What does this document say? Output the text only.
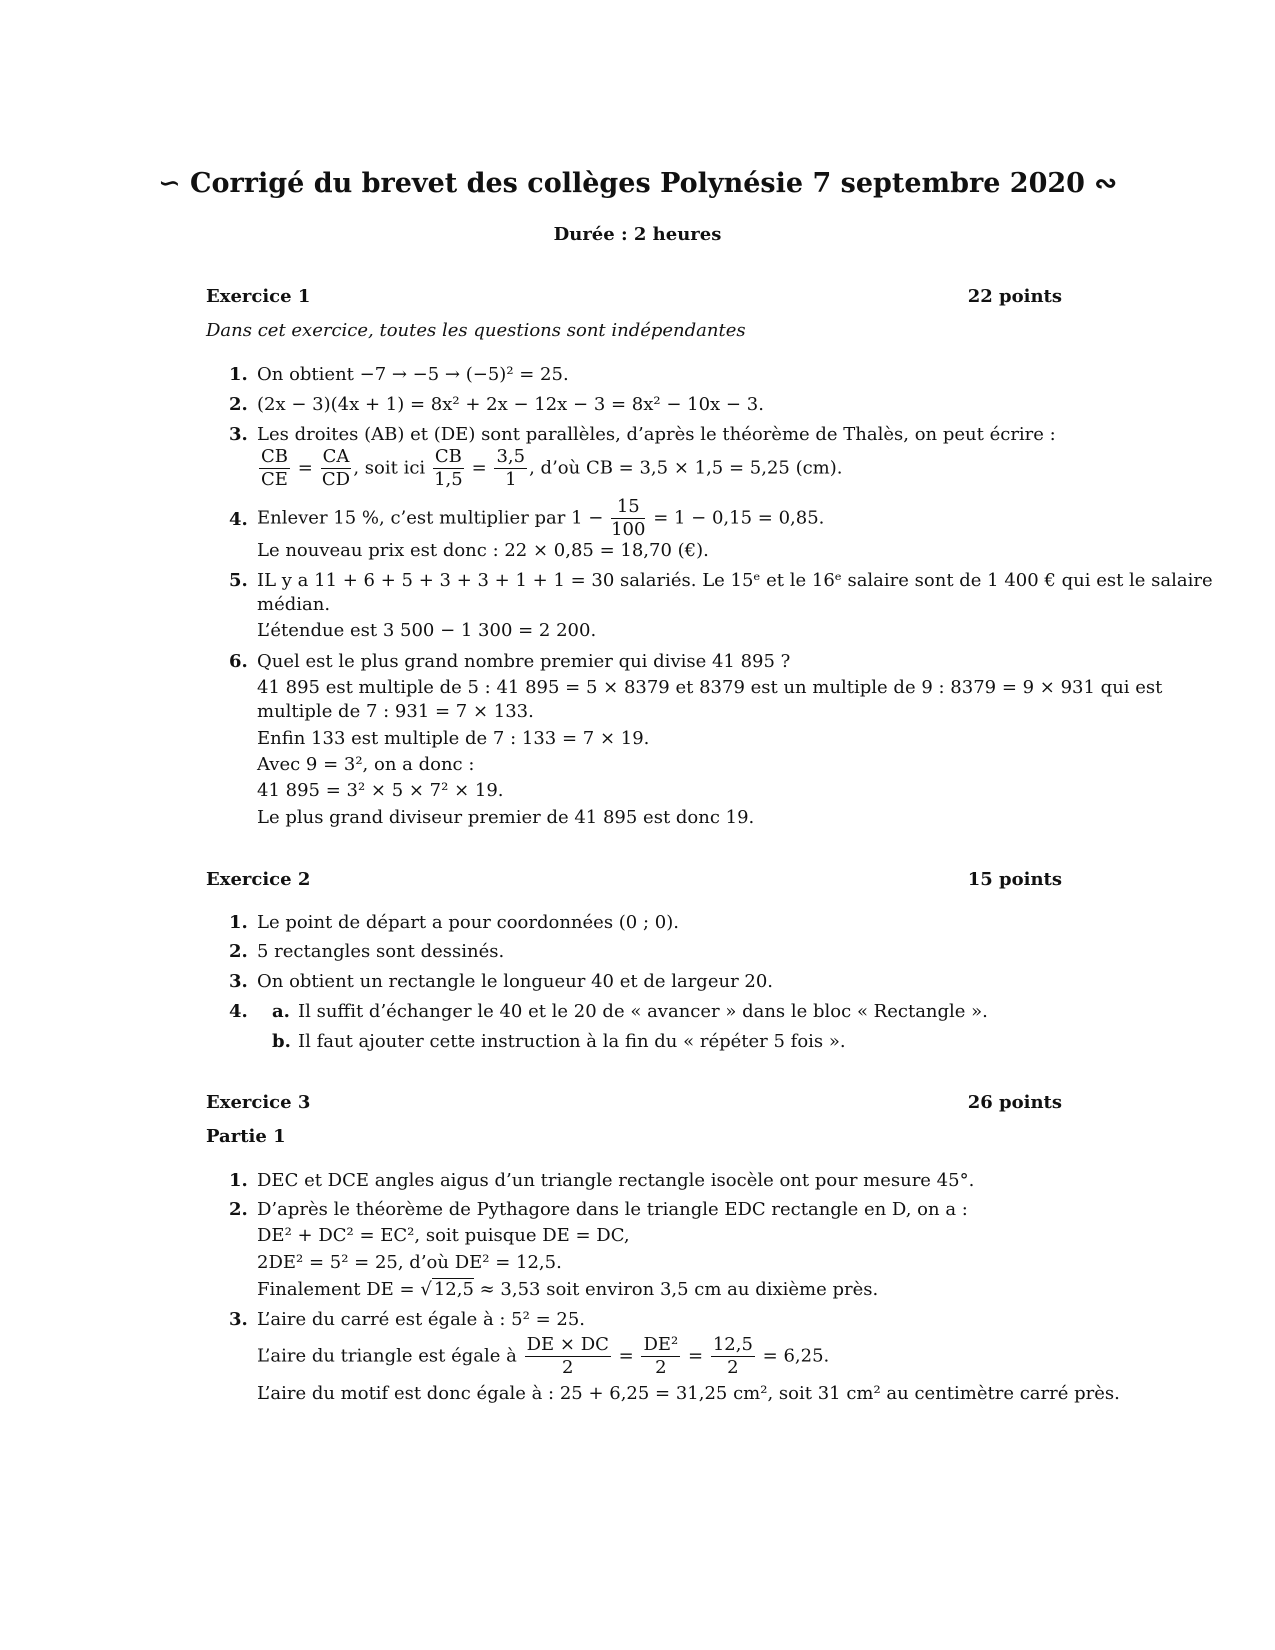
∽ Corrigé du brevet des collèges Polynésie 7 septembre 2020 ∾
Durée : 2 heures
Exercice 1	22 points
Dans cet exercice, toutes les questions sont indépendantes
1. On obtient −7 → −5 → (−5)² = 25.
2. (2x − 3)(4x + 1) = 8x² + 2x − 12x − 3 = 8x² − 10x − 3.
3. Les droites (AB) et (DE) sont parallèles, d’après le théorème de Thalès, on peut écrire :
$\frac{CB}{CE} = \frac{CA}{CD}$ , soit ici $\frac{CB}{1,5} = \frac{3,5}{1}$ , d’où CB = 3,5 × 1,5 = 5,25 (cm).
4. Enlever 15 %, c’est multiplier par $1 - \frac{15}{100} = 1 - 0,15 = 0,85$.
Le nouveau prix est donc : 22 × 0,85 = 18,70 (€).
5. IL y a 11 + 6 + 5 + 3 + 3 + 1 + 1 = 30 salariés. Le 15ᵉ et le 16ᵉ salaire sont de 1 400 € qui est le salaire
médian.
L’étendue est 3 500 − 1 300 = 2 200.
6. Quel est le plus grand nombre premier qui divise 41 895 ?
41 895 est multiple de 5 : 41 895 = 5 × 8379 et 8379 est un multiple de 9 : 8379 = 9 × 931 qui est
multiple de 7 : 931 = 7 × 133.
Enfin 133 est multiple de 7 : 133 = 7 × 19.
Avec 9 = 3², on a donc :
41 895 = 3² × 5 × 7² × 19.
Le plus grand diviseur premier de 41 895 est donc 19.
Exercice 2	15 points
1. Le point de départ a pour coordonnées (0 ; 0).
2. 5 rectangles sont dessinés.
3. On obtient un rectangle le longueur 40 et de largeur 20.
4. a. Il suffit d’échanger le 40 et le 20 de « avancer » dans le bloc « Rectangle ».
b. Il faut ajouter cette instruction à la fin du « répéter 5 fois ».
Exercice 3	26 points
Partie 1
1. DEC et DCE angles aigus d’un triangle rectangle isocèle ont pour mesure 45°.
2. D’après le théorème de Pythagore dans le triangle EDC rectangle en D, on a :
DE² + DC² = EC², soit puisque DE = DC,
2DE² = 5² = 25, d’où DE² = 12,5.
Finalement DE = √ 12,5 ≈ 3,53 soit environ 3,5 cm au dixième près.
3. L’aire du carré est égale à : 5² = 25.
L’aire du triangle est égale à $\frac{DE \times DC}{2} = \frac{\text{DE²}}{2} = \frac{12,5}{2} = 6,25$.
L’aire du motif est donc égale à : 25 + 6,25 = 31,25 cm², soit 31 cm² au centimètre carré près.
